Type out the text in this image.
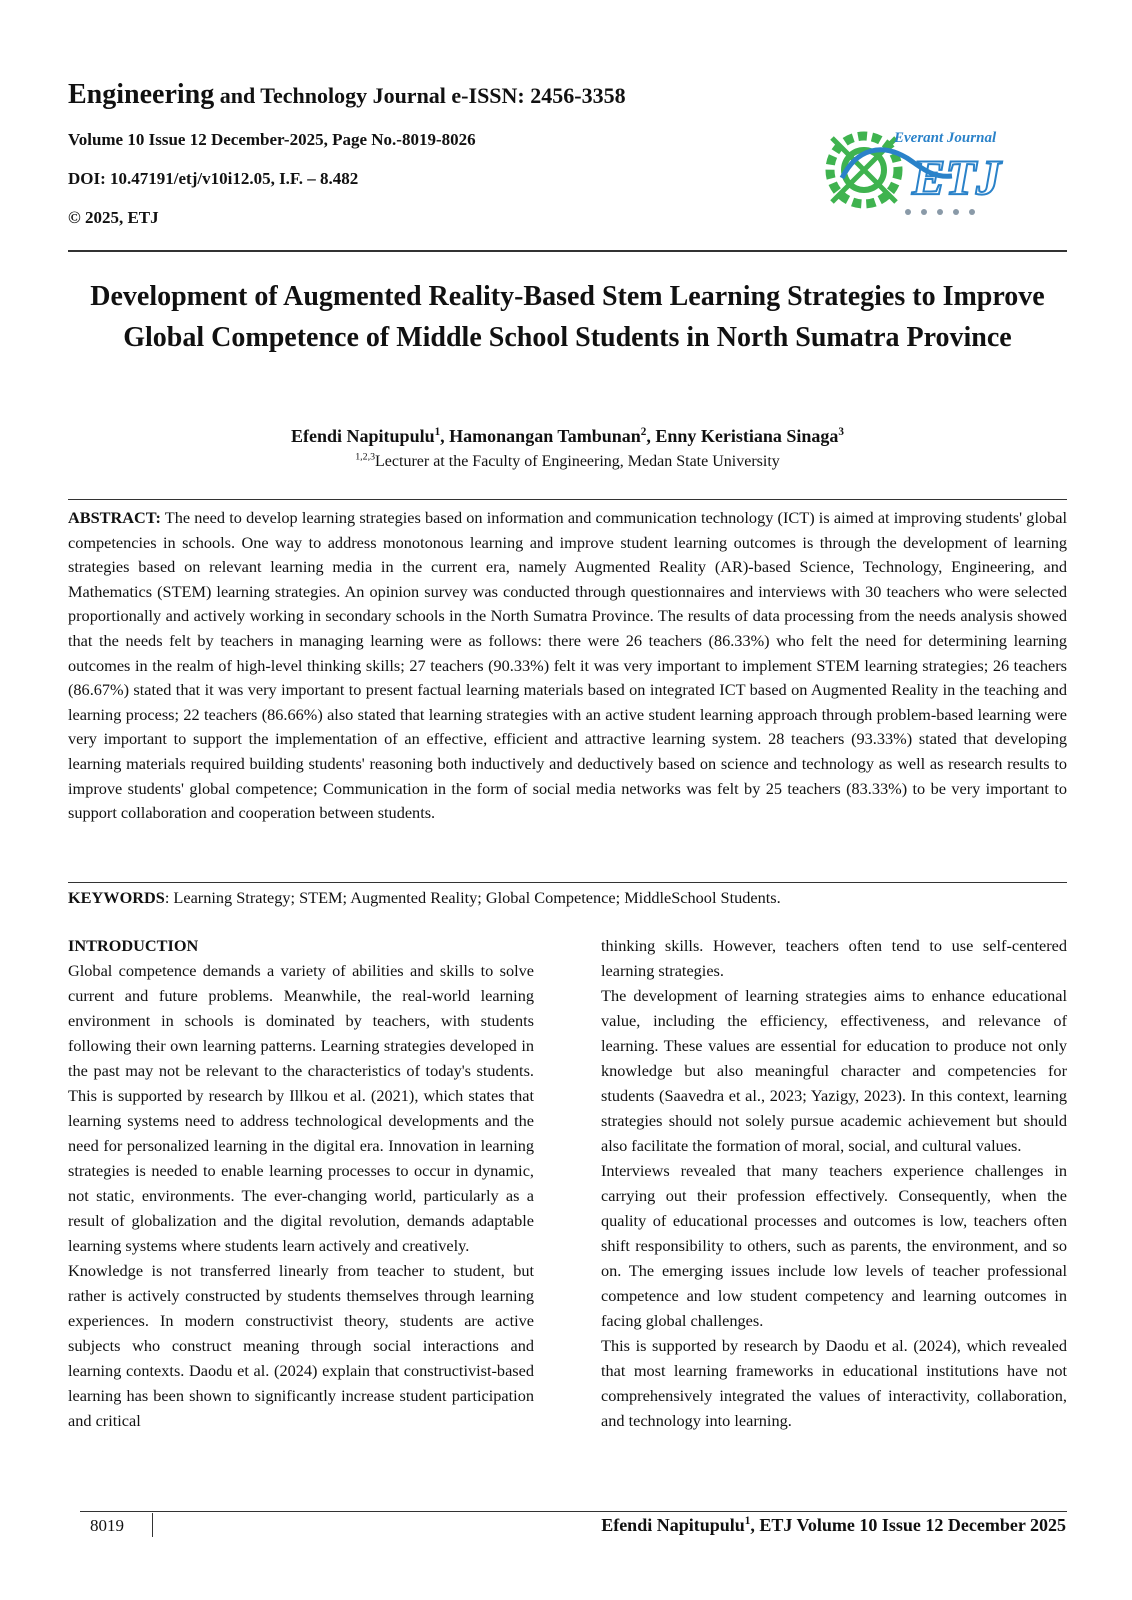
Engineering and Technology Journal e-ISSN: 2456-3358
Volume 10 Issue 12 December-2025, Page No.-8019-8026
DOI: 10.47191/etj/v10i12.05, I.F. – 8.482
© 2025, ETJ
Everant Journal
ETJ
Development of Augmented Reality-Based Stem Learning Strategies to Improve Global Competence of Middle School Students in North Sumatra Province
Efendi Napitupulu$^1$, Hamonangan Tambunan$^2$, Enny Keristiana Sinaga$^3$
$^{1,2,3}$Lecturer at the Faculty of Engineering, Medan State University
ABSTRACT: The need to develop learning strategies based on information and communication technology (ICT) is aimed at improving students' global competencies in schools. One way to address monotonous learning and improve student learning outcomes is through the development of learning strategies based on relevant learning media in the current era, namely Augmented Reality (AR)-based Science, Technology, Engineering, and Mathematics (STEM) learning strategies. An opinion survey was conducted through questionnaires and interviews with 30 teachers who were selected proportionally and actively working in secondary schools in the North Sumatra Province. The results of data processing from the needs analysis showed that the needs felt by teachers in managing learning were as follows: there were 26 teachers (86.33%) who felt the need for determining learning outcomes in the realm of high-level thinking skills; 27 teachers (90.33%) felt it was very important to implement STEM learning strategies; 26 teachers (86.67%) stated that it was very important to present factual learning materials based on integrated ICT based on Augmented Reality in the teaching and learning process; 22 teachers (86.66%) also stated that learning strategies with an active student learning approach through problem-based learning were very important to support the implementation of an effective, efficient and attractive learning system. 28 teachers (93.33%) stated that developing learning materials required building students' reasoning both inductively and deductively based on science and technology as well as research results to improve students' global competence; Communication in the form of social media networks was felt by 25 teachers (83.33%) to be very important to support collaboration and cooperation between students.
KEYWORDS: Learning Strategy; STEM; Augmented Reality; Global Competence; MiddleSchool Students.

INTRODUCTION

Global competence demands a variety of abilities and skills to solve current and future problems. Meanwhile, the real-world learning environment in schools is dominated by teachers, with students following their own learning patterns. Learning strategies developed in the past may not be relevant to the characteristics of today's students. This is supported by research by Illkou et al. (2021), which states that learning systems need to address technological developments and the need for personalized learning in the digital era. Innovation in learning strategies is needed to enable learning processes to occur in dynamic, not static, environments. The ever-changing world, particularly as a result of globalization and the digital revolution, demands adaptable learning systems where students learn actively and creatively.

Knowledge is not transferred linearly from teacher to student, but rather is actively constructed by students themselves through learning experiences. In modern constructivist theory, students are active subjects who construct meaning through social interactions and learning contexts. Daodu et al. (2024) explain that constructivist-based learning has been shown to significantly increase student participation and critical

thinking skills. However, teachers often tend to use self-centered learning strategies.

The development of learning strategies aims to enhance educational value, including the efficiency, effectiveness, and relevance of learning. These values are essential for education to produce not only knowledge but also meaningful character and competencies for students (Saavedra et al., 2023; Yazigy, 2023). In this context, learning strategies should not solely pursue academic achievement but should also facilitate the formation of moral, social, and cultural values.

Interviews revealed that many teachers experience challenges in carrying out their profession effectively. Consequently, when the quality of educational processes and outcomes is low, teachers often shift responsibility to others, such as parents, the environment, and so on. The emerging issues include low levels of teacher professional competence and low student competency and learning outcomes in facing global challenges.

This is supported by research by Daodu et al. (2024), which revealed that most learning frameworks in educational institutions have not comprehensively integrated the values of interactivity, collaboration, and technology into learning.

8019	Efendi Napitupulu$^1$, ETJ Volume 10 Issue 12 December 2025
